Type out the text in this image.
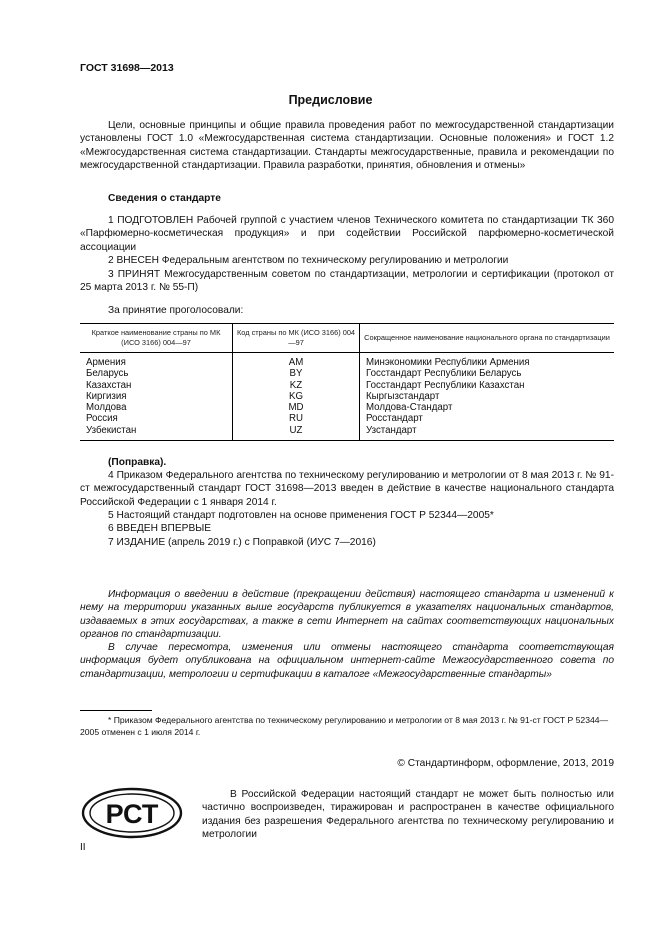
ГОСТ 31698—2013
Предисловие
Цели, основные принципы и общие правила проведения работ по межгосударственной стандартизации установлены ГОСТ 1.0 «Межгосударственная система стандартизации. Основные положения» и ГОСТ 1.2 «Межгосударственная система стандартизации. Стандарты межгосударственные, правила и рекомендации по межгосударственной стандартизации. Правила разработки, принятия, обновления и отмены»
Сведения о стандарте
1 ПОДГОТОВЛЕН Рабочей группой с участием членов Технического комитета по стандартизации ТК 360 «Парфюмерно-косметическая продукция» и при содействии Российской парфюмерно-косметической ассоциации
2 ВНЕСЕН Федеральным агентством по техническому регулированию и метрологии
3 ПРИНЯТ Межгосударственным советом по стандартизации, метрологии и сертификации (протокол от 25 марта 2013 г. № 55-П)
За принятие проголосовали:
Краткое наименование страны по МК (ИСО 3166) 004—97	Код страны по МК (ИСО 3166) 004—97	Сокращенное наименование национального органа по стандартизации
Армения	AM	Минэкономики Республики Армения
Беларусь	BY	Госстандарт Республики Беларусь
Казахстан	KZ	Госстандарт Республики Казахстан
Киргизия	KG	Кыргызстандарт
Молдова	MD	Молдова-Стандарт
Россия	RU	Росстандарт
Узбекистан	UZ	Узстандарт
(Поправка).
4 Приказом Федерального агентства по техническому регулированию и метрологии от 8 мая 2013 г. № 91-ст межгосударственный стандарт ГОСТ 31698—2013 введен в действие в качестве национального стандарта Российской Федерации с 1 января 2014 г.
5 Настоящий стандарт подготовлен на основе применения ГОСТ Р 52344—2005*
6 ВВЕДЕН ВПЕРВЫЕ
7 ИЗДАНИЕ (апрель 2019 г.) с Поправкой (ИУС 7—2016)
Информация о введении в действие (прекращении действия) настоящего стандарта и изменений к нему на территории указанных выше государств публикуется в указателях национальных стандартов, издаваемых в этих государствах, а также в сети Интернет на сайтах соответствующих национальных органов по стандартизации.
В случае пересмотра, изменения или отмены настоящего стандарта соответствующая информация будет опубликована на официальном интернет-сайте Межгосударственного совета по стандартизации, метрологии и сертификации в каталоге «Межгосударственные стандарты»
* Приказом Федерального агентства по техническому регулированию и метрологии от 8 мая 2013 г. № 91-ст ГОСТ Р 52344—2005 отменен с 1 июля 2014 г.
© Стандартинформ, оформление, 2013, 2019
РСТ
В Российской Федерации настоящий стандарт не может быть полностью или частично воспроизведен, тиражирован и распространен в качестве официального издания без разрешения Федерального агентства по техническому регулированию и метрологии
II
